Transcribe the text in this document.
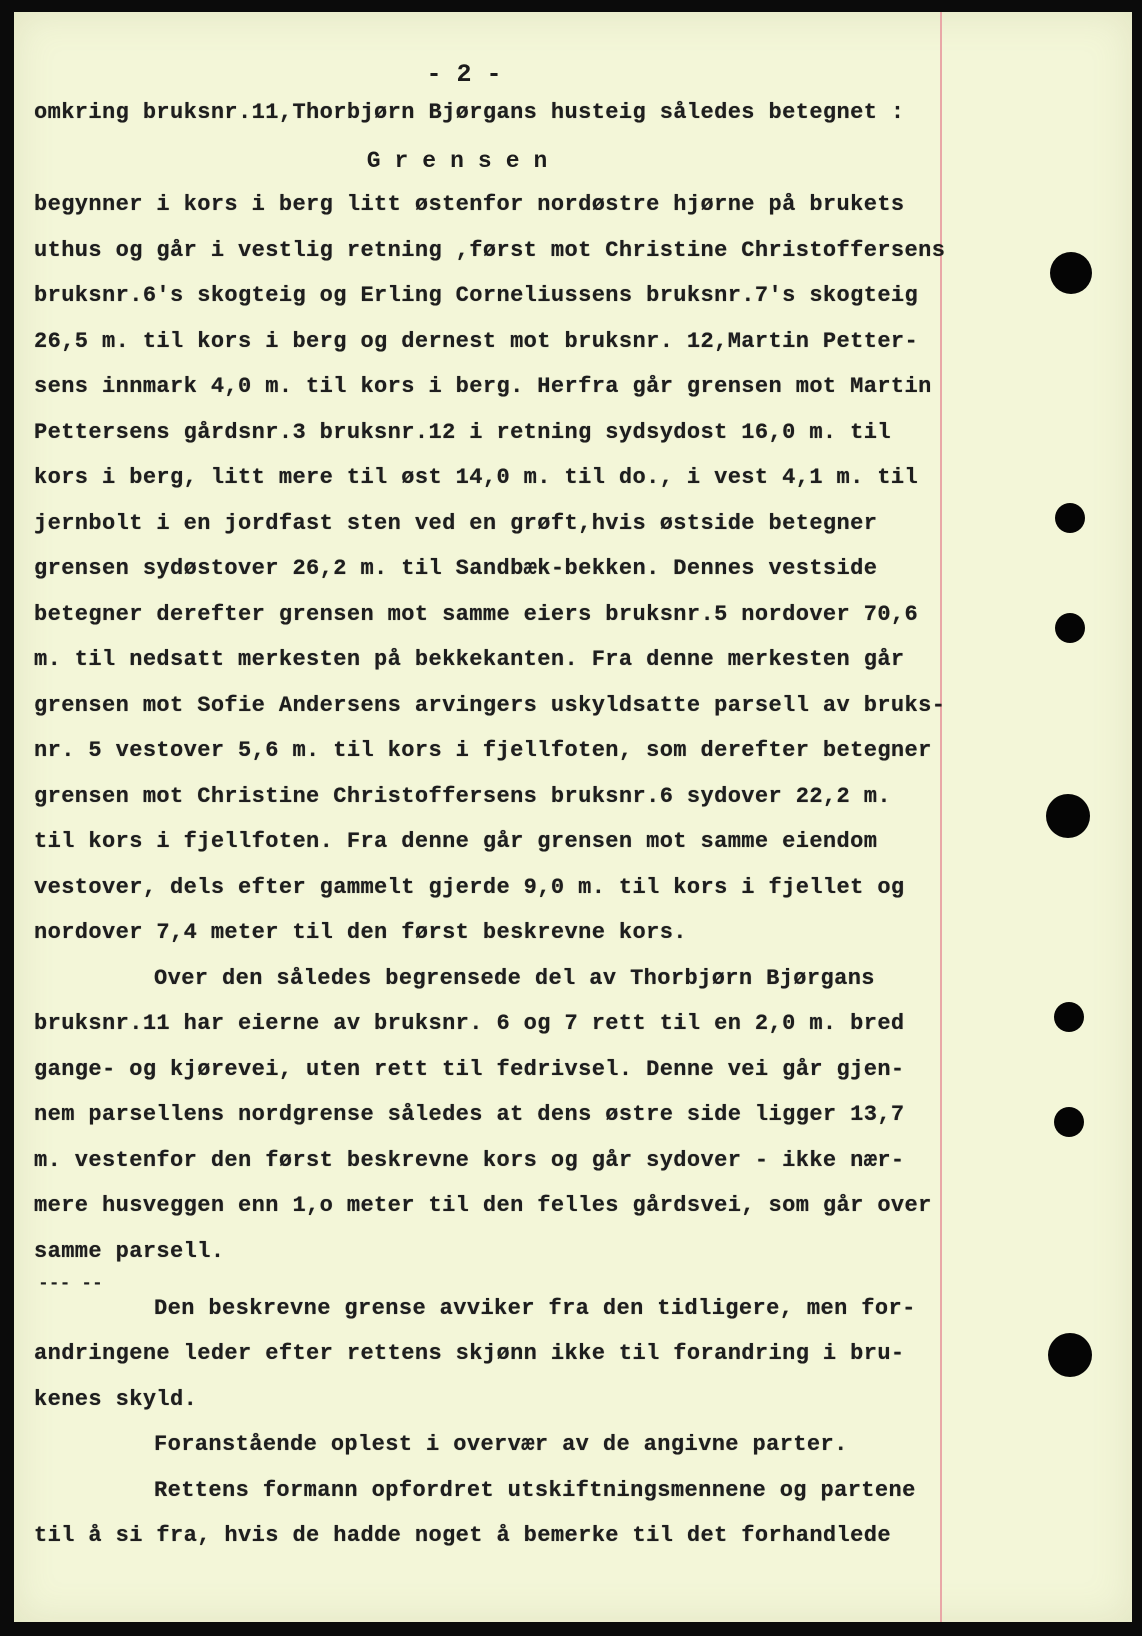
- 2 -
omkring bruksnr.11,Thorbjørn Bjørgans husteig således betegnet :
Grensen
begynner i kors i berg litt østenfor nordøstre hjørne på brukets
uthus og går i vestlig retning ,først mot Christine Christoffersens
bruksnr.6's skogteig og Erling Corneliussens bruksnr.7's skogteig
26,5 m. til kors i berg og dernest mot bruksnr. 12,Martin Petter-
sens innmark 4,0 m. til kors i berg. Herfra går grensen mot Martin
Pettersens gårdsnr.3 bruksnr.12 i retning sydsydost 16,0 m. til
kors i berg, litt mere til øst 14,0 m. til do., i vest 4,1 m. til
jernbolt i en jordfast sten ved en grøft,hvis østside betegner
grensen sydøstover 26,2 m. til Sandbæk-bekken. Dennes vestside
betegner derefter grensen mot samme eiers bruksnr.5 nordover 70,6
m. til nedsatt merkesten på bekkekanten. Fra denne merkesten går
grensen mot Sofie Andersens arvingers uskyldsatte parsell av bruks-
nr. 5 vestover 5,6 m. til kors i fjellfoten, som derefter betegner
grensen mot Christine Christoffersens bruksnr.6 sydover 22,2 m.
til kors i fjellfoten. Fra denne går grensen mot samme eiendom
vestover, dels efter gammelt gjerde 9,0 m. til kors i fjellet og
nordover 7,4 meter til den først beskrevne kors.
Over den således begrensede del av Thorbjørn Bjørgans
bruksnr.11 har eierne av bruksnr. 6 og 7 rett til en 2,0 m. bred
gange- og kjørevei, uten rett til fedrivsel. Denne vei går gjen-
nem parsellens nordgrense således at dens østre side ligger 13,7
m. vestenfor den først beskrevne kors og går sydover - ikke nær-
mere husveggen enn 1,o meter til den felles gårdsvei, som går over
samme parsell.
--- --
Den beskrevne grense avviker fra den tidligere, men for-
andringene leder efter rettens skjønn ikke til forandring i bru-
kenes skyld.
Foranstående oplest i overvær av de angivne parter.
Rettens formann opfordret utskiftningsmennene og partene
til å si fra, hvis de hadde noget å bemerke til det forhandlede
